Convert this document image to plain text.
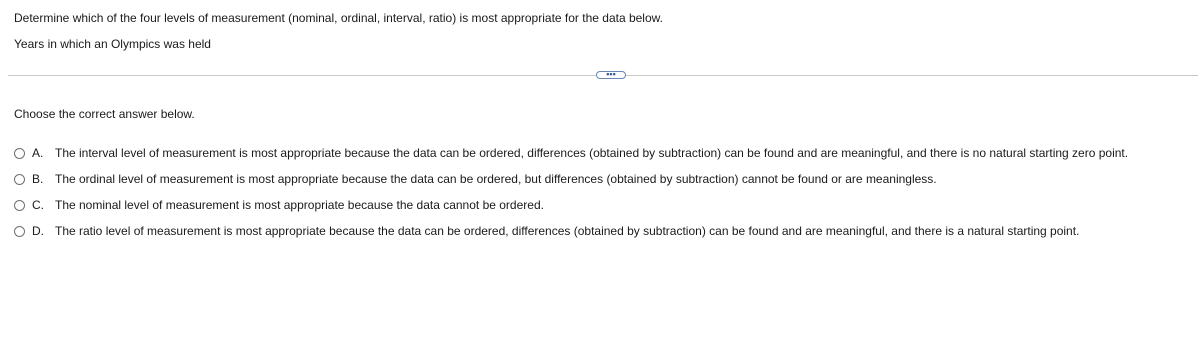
Determine which of the four levels of measurement (nominal, ordinal, interval, ratio) is most appropriate for the data below.

Years in which an Olympics was held

•••
Choose the correct answer below.
A. The interval level of measurement is most appropriate because the data can be ordered, differences (obtained by subtraction) can be found and are meaningful, and there is no natural starting zero point.
B. The ordinal level of measurement is most appropriate because the data can be ordered, but differences (obtained by subtraction) cannot be found or are meaningless.
C. The nominal level of measurement is most appropriate because the data cannot be ordered.
D. The ratio level of measurement is most appropriate because the data can be ordered, differences (obtained by subtraction) can be found and are meaningful, and there is a natural starting point.
